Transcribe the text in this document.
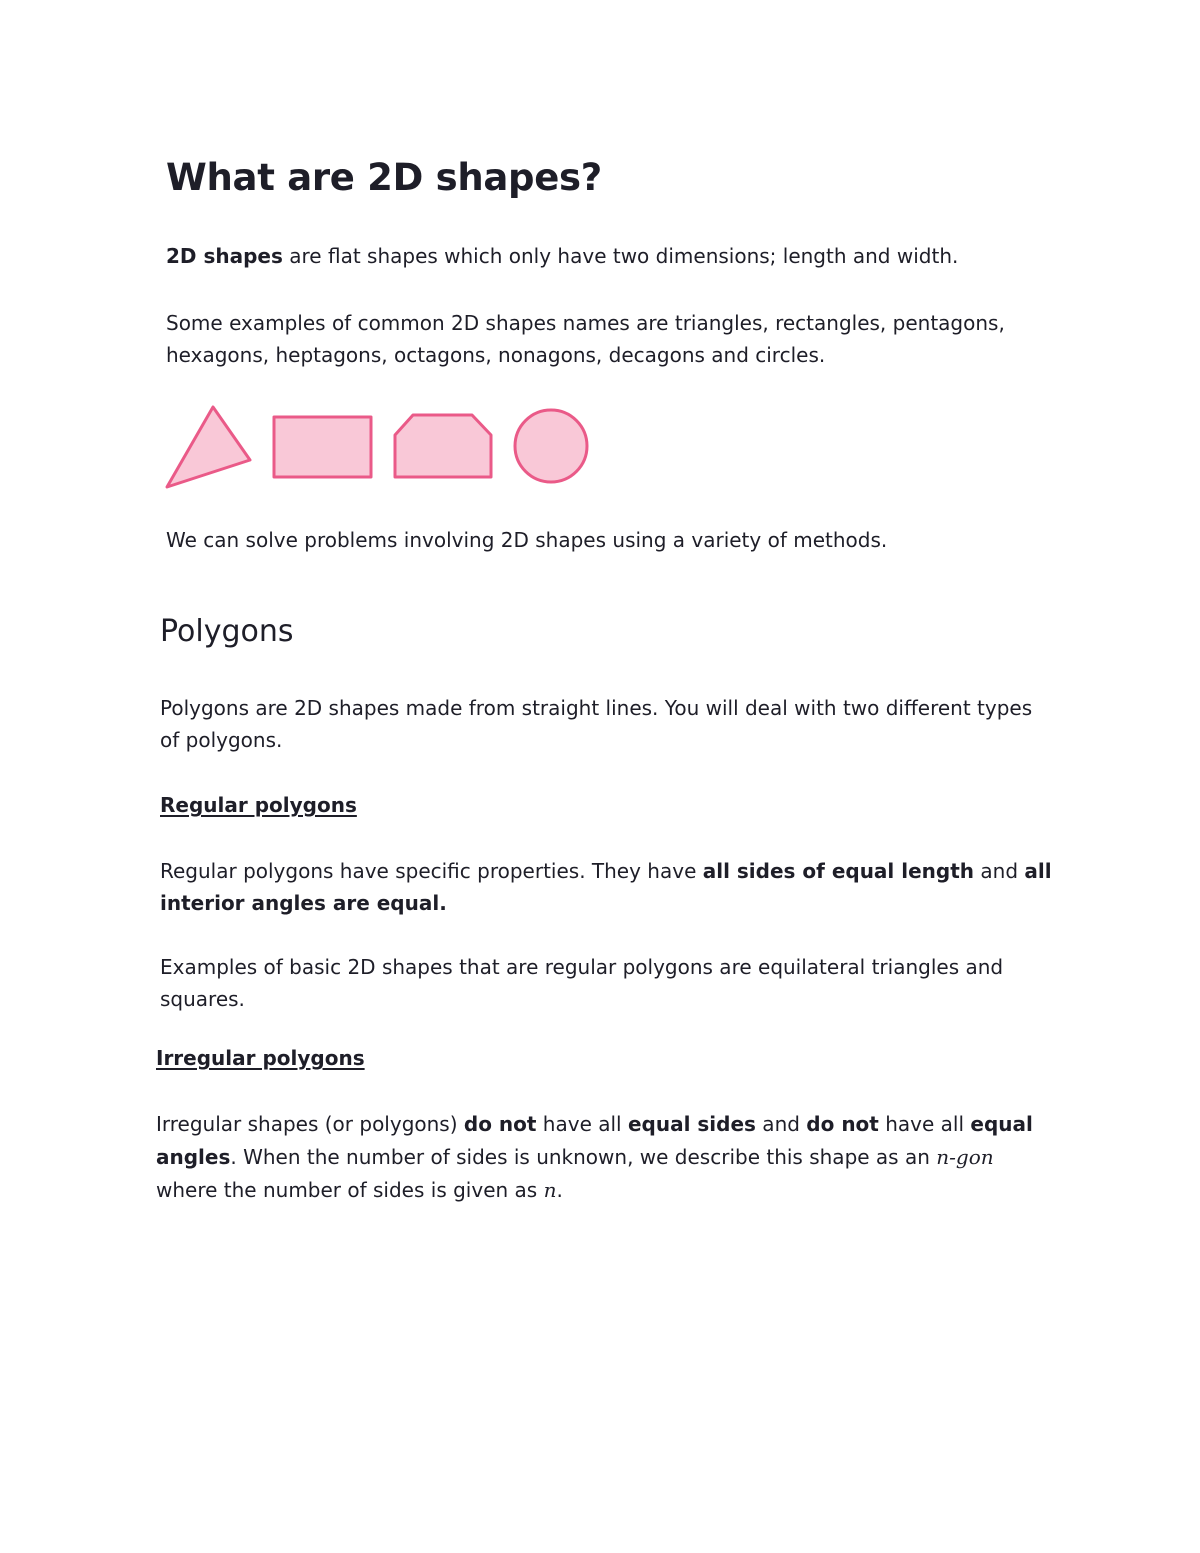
What are 2D shapes?

2D shapes are flat shapes which only have two dimensions; length and width.

Some examples of common 2D shapes names are triangles, rectangles, pentagons, hexagons, heptagons, octagons, nonagons, decagons and circles.

We can solve problems involving 2D shapes using a variety of methods.

Polygons

Polygons are 2D shapes made from straight lines. You will deal with two different types of polygons.

Regular polygons

Regular polygons have specific properties. They have all sides of equal length and all interior angles are equal.

Examples of basic 2D shapes that are regular polygons are equilateral triangles and squares.

Irregular polygons

Irregular shapes (or polygons) do not have all equal sides and do not have all equal angles. When the number of sides is unknown, we describe this shape as an n-gon where the number of sides is given as n.
